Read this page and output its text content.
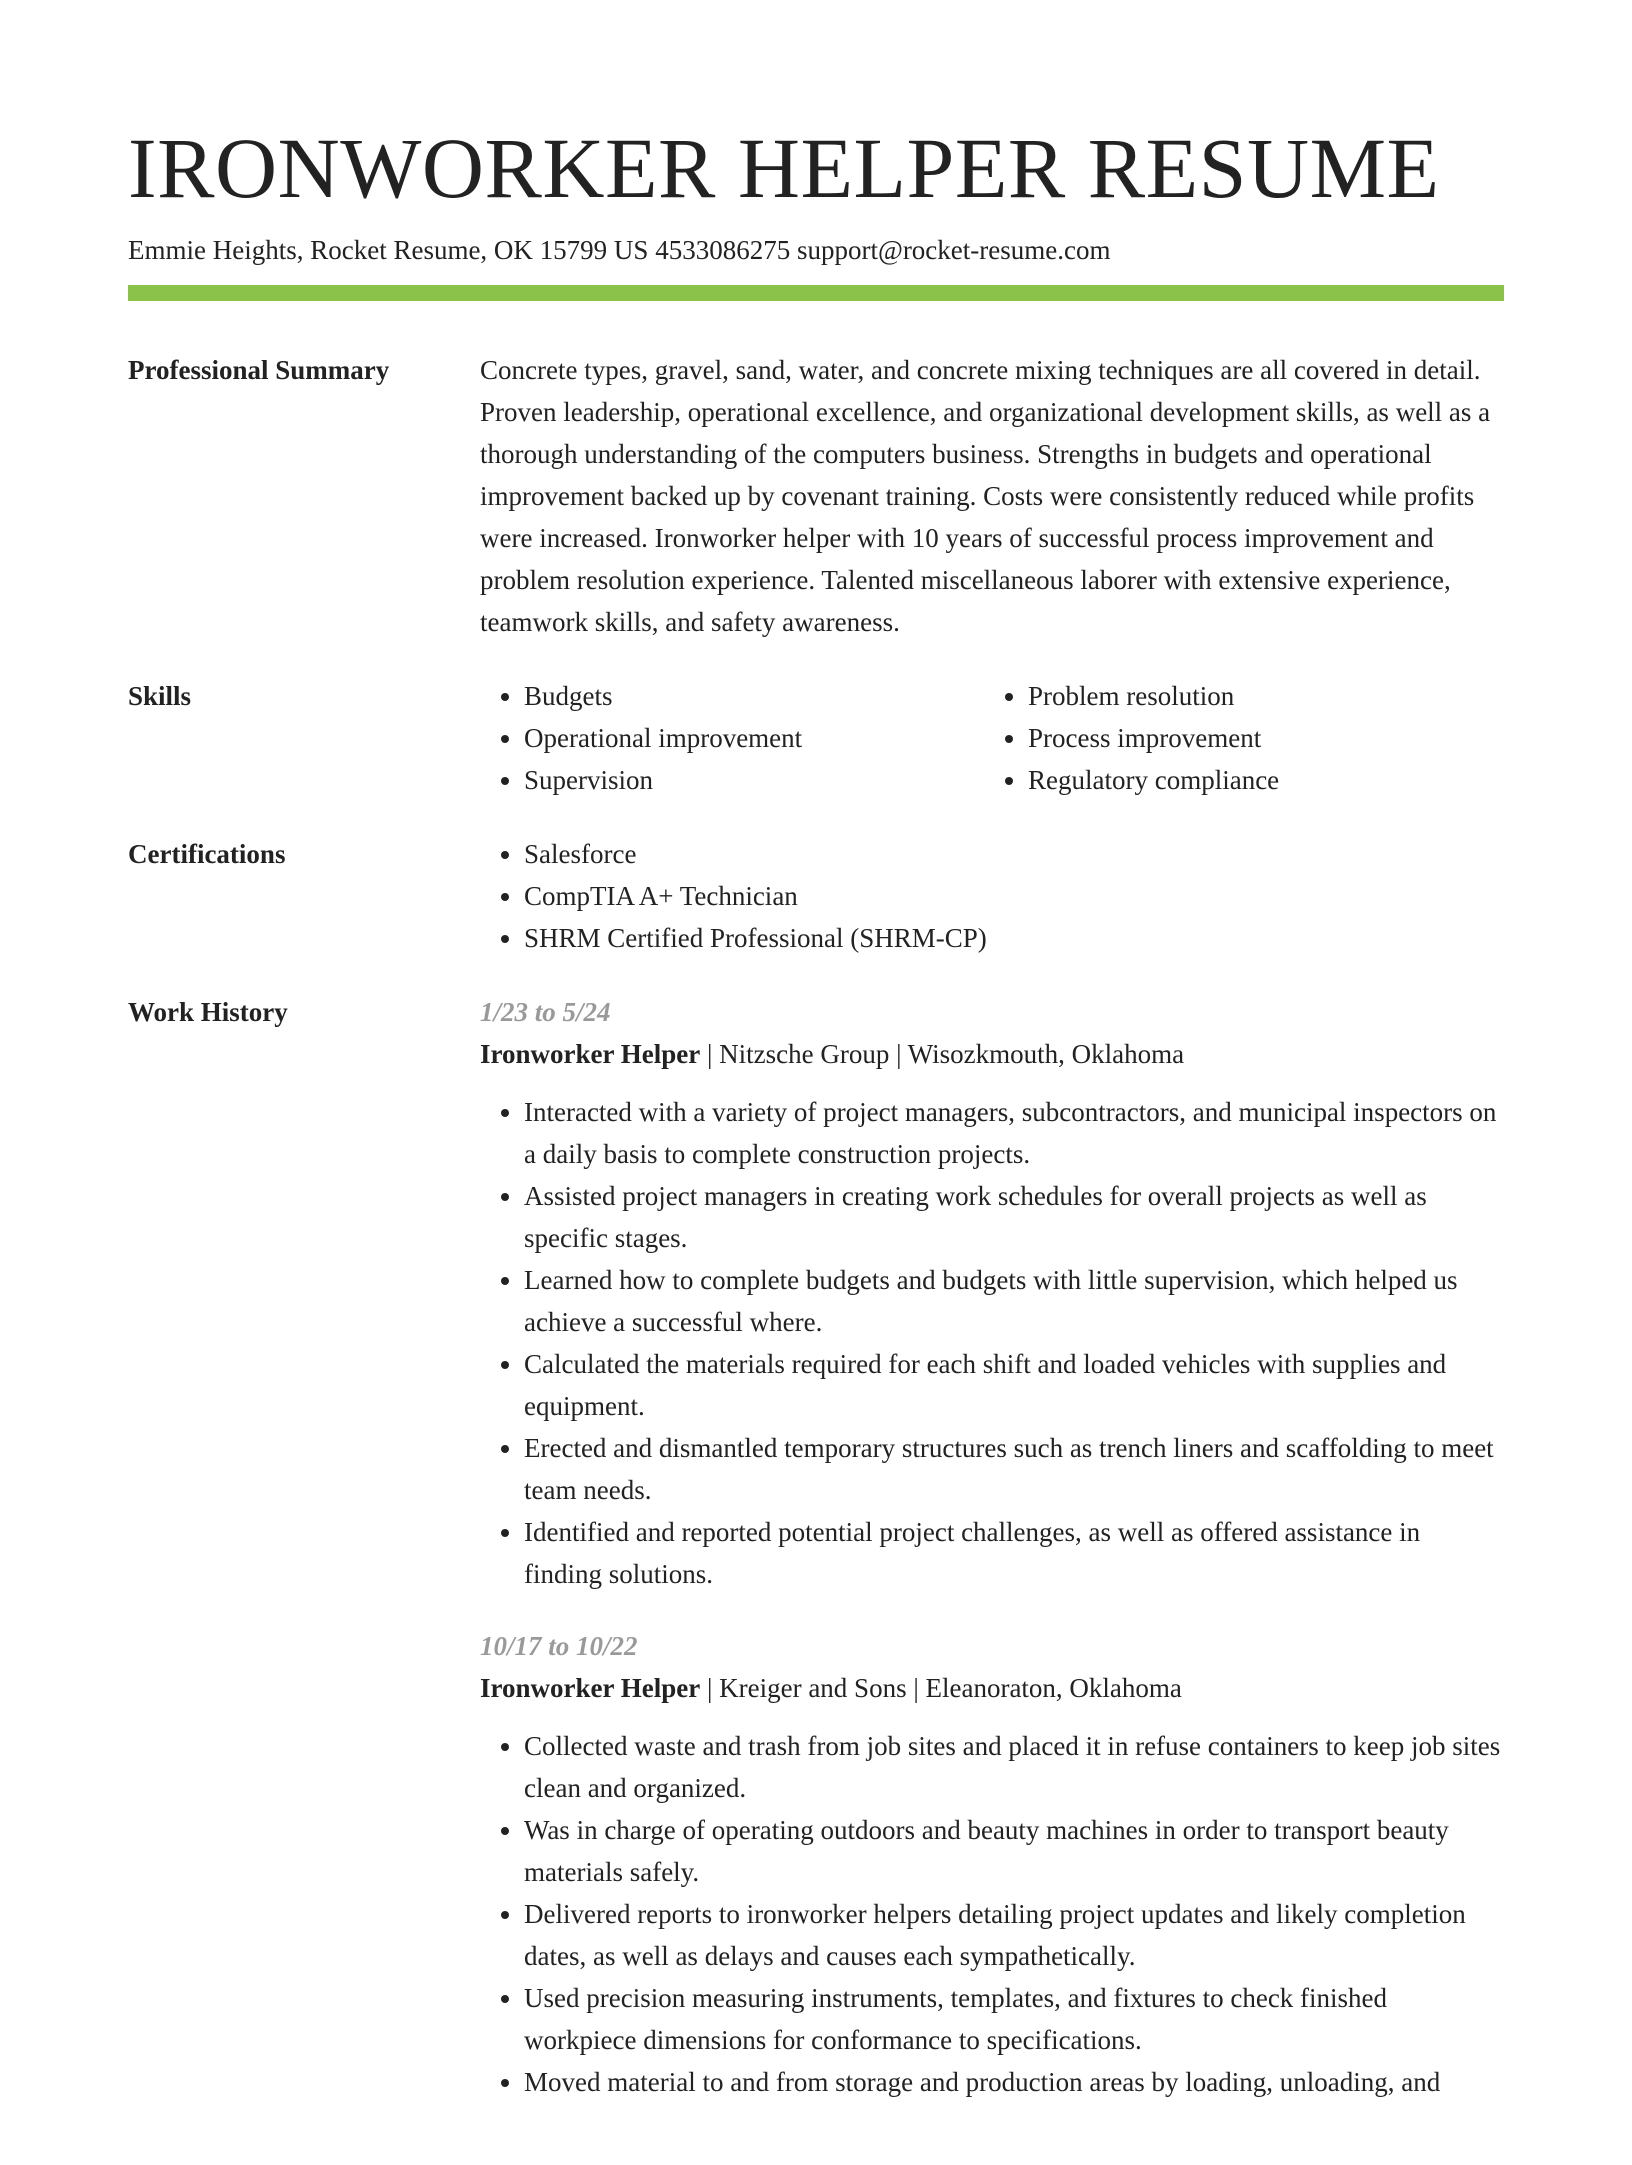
IRONWORKER HELPER RESUME
Emmie Heights, Rocket Resume, OK 15799 US 4533086275 support@rocket-resume.com
Professional Summary	Concrete types, gravel, sand, water, and concrete mixing techniques are all covered in detail. Proven leadership, operational excellence, and organizational development skills, as well as a thorough understanding of the computers business. Strengths in budgets and operational improvement backed up by covenant training. Costs were consistently reduced while profits were increased. Ironworker helper with 10 years of successful process improvement and problem resolution experience. Talented miscellaneous laborer with extensive experience, teamwork skills, and safety awareness.

Skills	• Budgets
• Operational improvement
• Supervision
• Problem resolution
• Process improvement
• Regulatory compliance
Certifications	• Salesforce
• CompTIA A+ Technician
• SHRM Certified Professional (SHRM-CP)
Work History	1/23 to 5/24
Ironworker Helper | Nitzsche Group | Wisozkmouth, Oklahoma
• Interacted with a variety of project managers, subcontractors, and municipal inspectors on a daily basis to complete construction projects.
• Assisted project managers in creating work schedules for overall projects as well as specific stages.
• Learned how to complete budgets and budgets with little supervision, which helped us achieve a successful where.
• Calculated the materials required for each shift and loaded vehicles with supplies and equipment.
• Erected and dismantled temporary structures such as trench liners and scaffolding to meet team needs.
• Identified and reported potential project challenges, as well as offered assistance in finding solutions.
10/17 to 10/22
Ironworker Helper | Kreiger and Sons | Eleanoraton, Oklahoma
• Collected waste and trash from job sites and placed it in refuse containers to keep job sites clean and organized.
• Was in charge of operating outdoors and beauty machines in order to transport beauty materials safely.
• Delivered reports to ironworker helpers detailing project updates and likely completion dates, as well as delays and causes each sympathetically.
• Used precision measuring instruments, templates, and fixtures to check finished workpiece dimensions for conformance to specifications.
• Moved material to and from storage and production areas by loading, unloading, and
